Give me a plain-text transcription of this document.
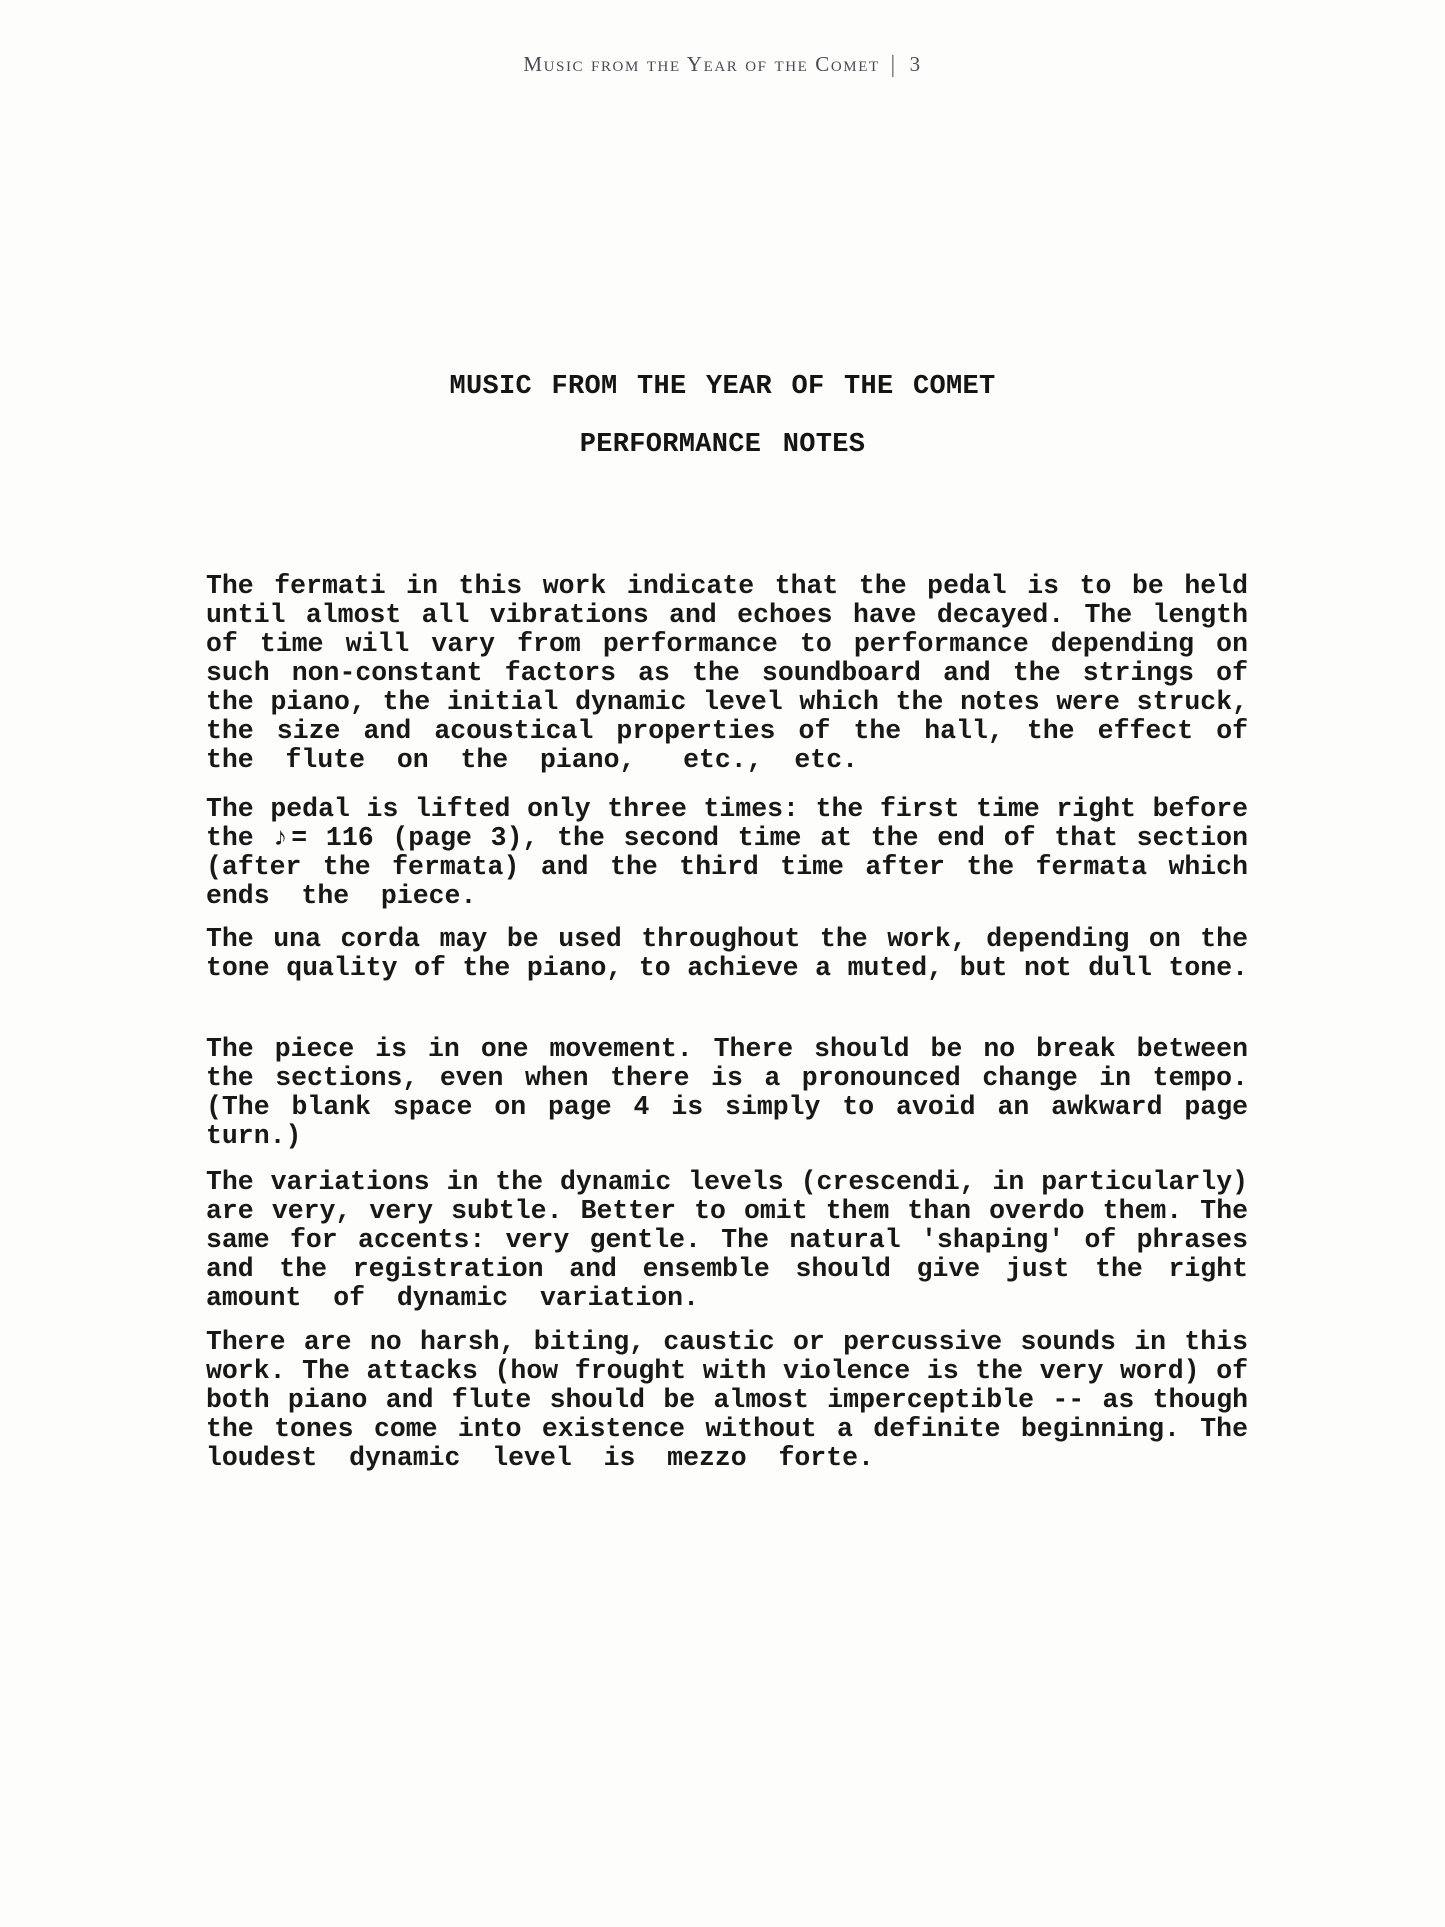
Music from the Year of the Comet | 3
MUSIC FROM THE YEAR OF THE COMET
PERFORMANCE NOTES
The fermati in this work indicate that the pedal is to be held
until almost all vibrations and echoes have decayed. The length
of time will vary from performance to performance depending on
such non-constant factors as the soundboard and the strings of
the piano, the initial dynamic level which the notes were struck,
the size and acoustical properties of the hall, the effect of
the  flute  on  the  piano,   etc.,  etc.
The pedal is lifted only three times: the first time right before
the ♪= 116 (page 3), the second time at the end of that section
(after the fermata) and the third time after the fermata which
ends  the  piece.
The una corda may be used throughout the work, depending on the
tone quality of the piano, to achieve a muted, but not dull tone.
The piece is in one movement. There should be no break between
the sections, even when there is a pronounced change in tempo.
(The blank space on page 4 is simply to avoid an awkward page
turn.)
The variations in the dynamic levels (crescendi, in particularly)
are very, very subtle. Better to omit them than overdo them. The
same for accents: very gentle. The natural 'shaping' of phrases
and the registration and ensemble should give just the right
amount  of  dynamic  variation.
There are no harsh, biting, caustic or percussive sounds in this
work. The attacks (how frought with violence is the very word) of
both piano and flute should be almost imperceptible -- as though
the tones come into existence without a definite beginning. The
loudest  dynamic  level  is  mezzo  forte.
